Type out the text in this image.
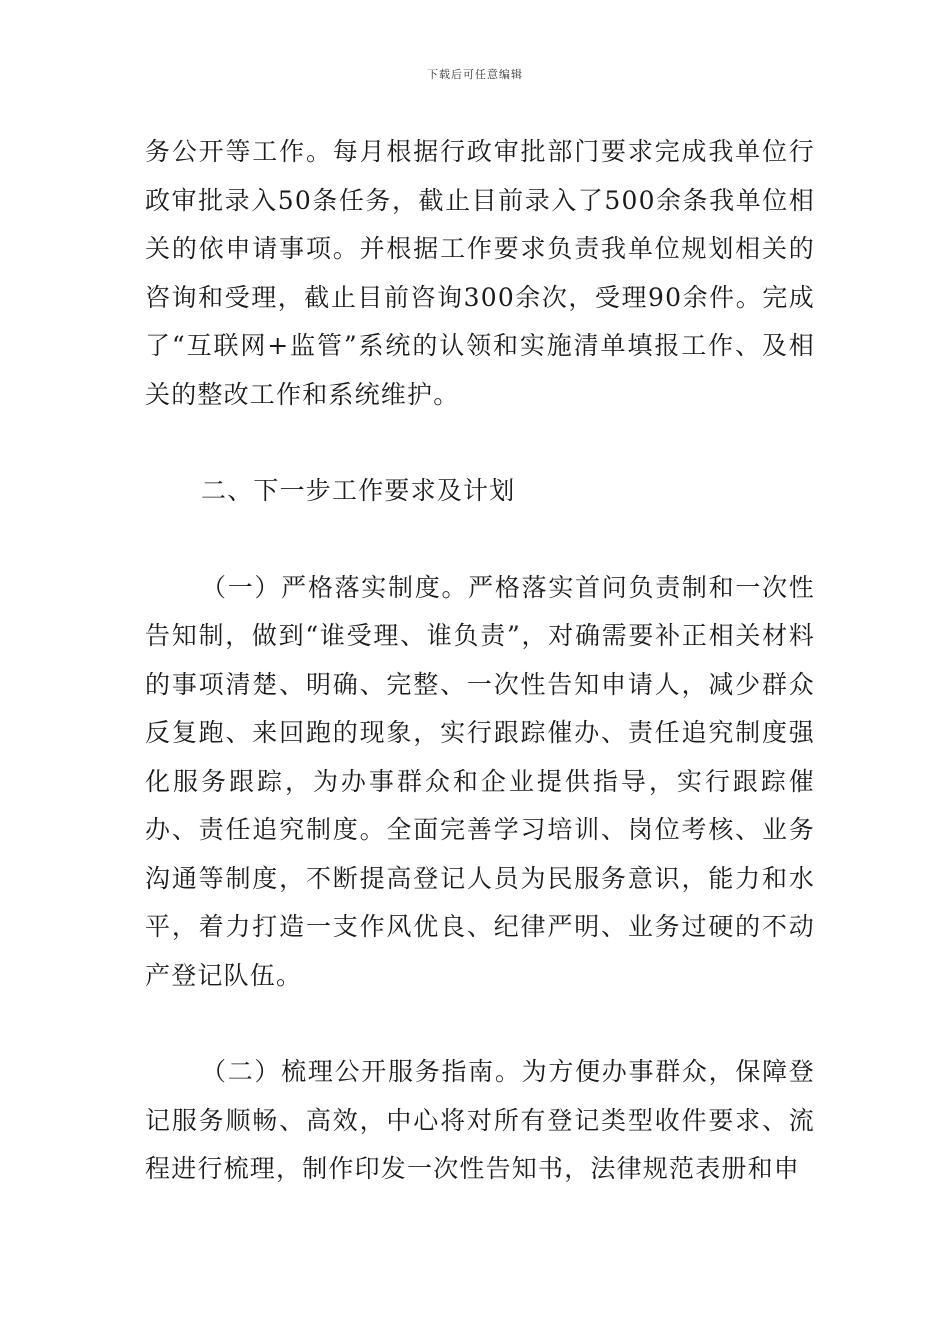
下载后可任意编辑

务公开等工作。每月根据行政审批部门要求完成我单位行政审批录入50条任务，截止目前录入了500余条我单位相关的依申请事项。并根据工作要求负责我单位规划相关的咨询和受理，截止目前咨询300余次，受理90余件。完成了“互联网+监管”系统的认领和实施清单填报工作、及相关的整改工作和系统维护。

二、下一步工作要求及计划

（一）严格落实制度。严格落实首问负责制和一次性告知制，做到“谁受理、谁负责”，对确需要补正相关材料的事项清楚、明确、完整、一次性告知申请人，减少群众反复跑、来回跑的现象，实行跟踪催办、责任追究制度强化服务跟踪，为办事群众和企业提供指导，实行跟踪催办、责任追究制度。全面完善学习培训、岗位考核、业务沟通等制度，不断提高登记人员为民服务意识，能力和水平，着力打造一支作风优良、纪律严明、业务过硬的不动产登记队伍。

（二）梳理公开服务指南。为方便办事群众，保障登记服务顺畅、高效，中心将对所有登记类型收件要求、流程进行梳理，制作印发一次性告知书，法律规范表册和申
